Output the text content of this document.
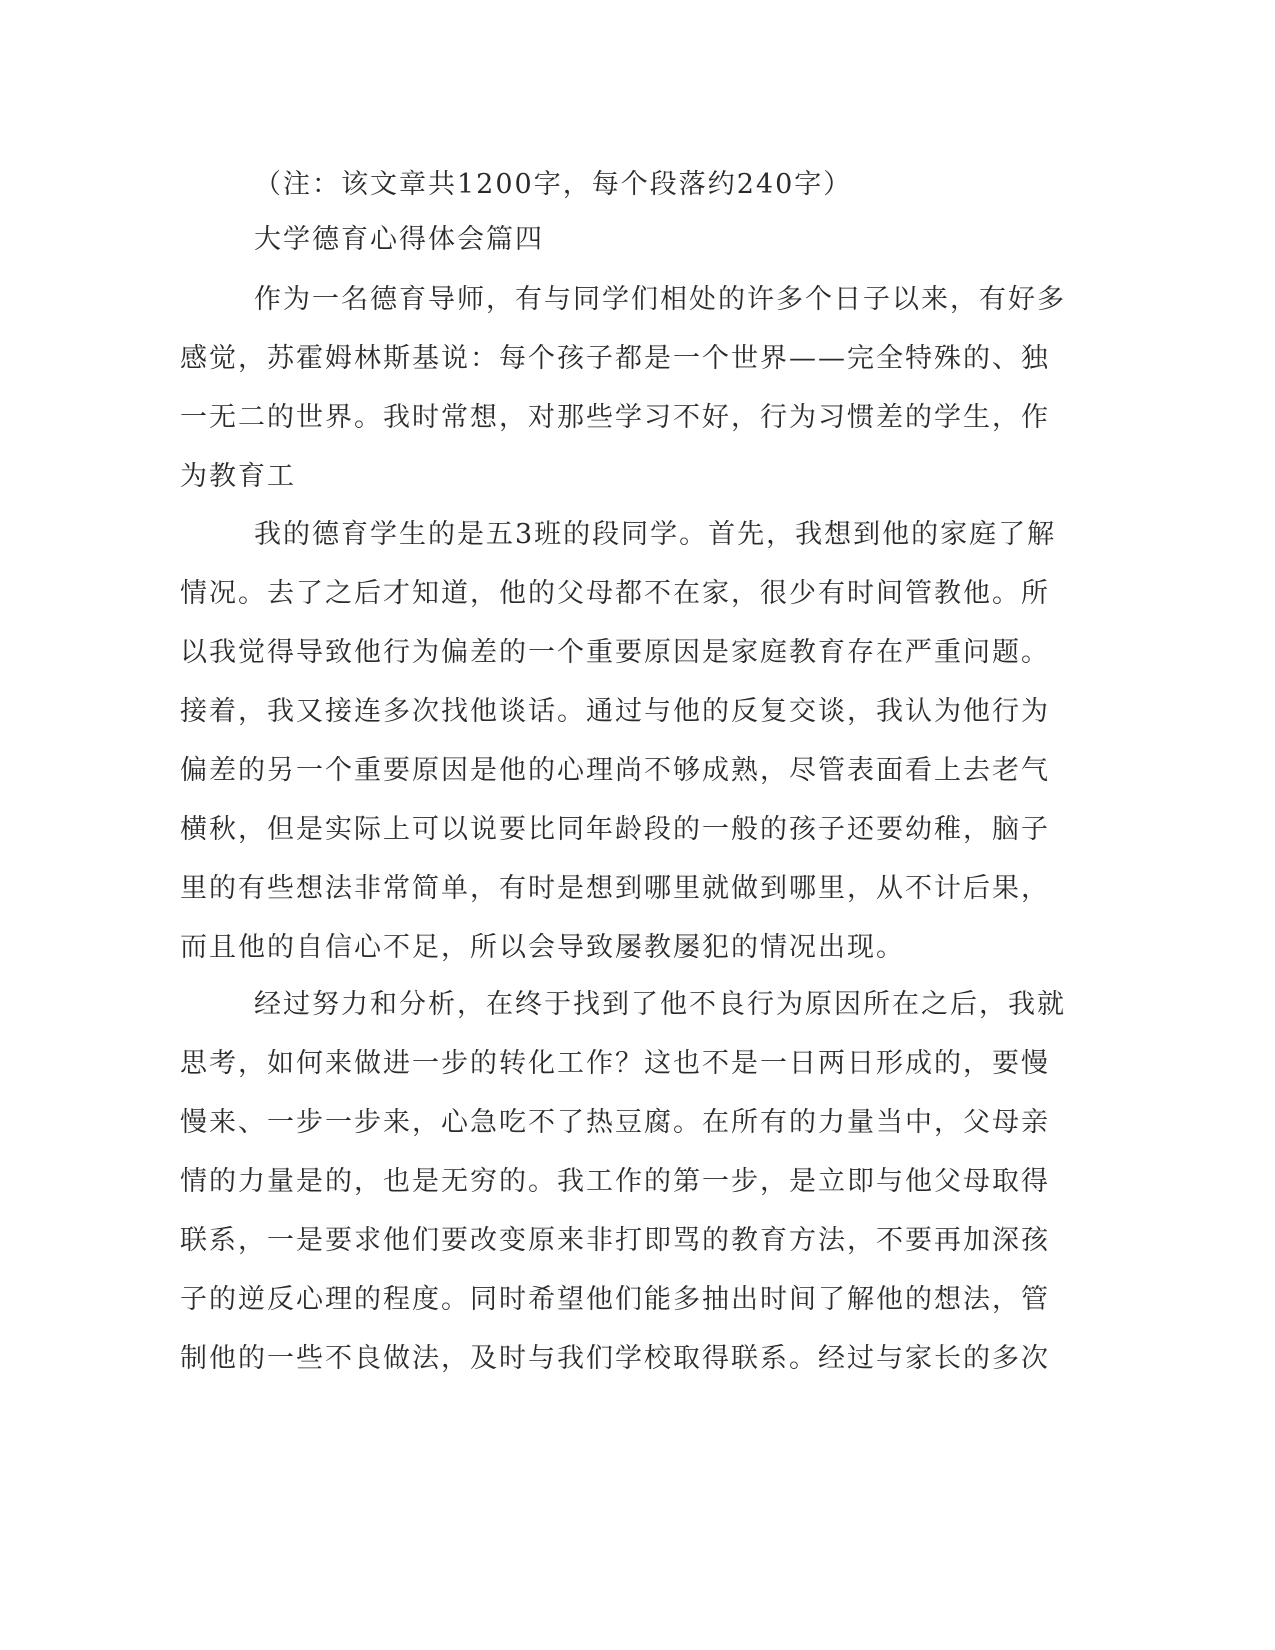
（注：该文章共1200字，每个段落约240字）
大学德育心得体会篇四
作为一名德育导师，有与同学们相处的许多个日子以来，有好多
感觉，苏霍姆林斯基说：每个孩子都是一个世界——完全特殊的、独
一无二的世界。我时常想，对那些学习不好，行为习惯差的学生，作
为教育工
我的德育学生的是五3班的段同学。首先，我想到他的家庭了解
情况。去了之后才知道，他的父母都不在家，很少有时间管教他。所
以我觉得导致他行为偏差的一个重要原因是家庭教育存在严重问题。
接着，我又接连多次找他谈话。通过与他的反复交谈，我认为他行为
偏差的另一个重要原因是他的心理尚不够成熟，尽管表面看上去老气
横秋，但是实际上可以说要比同年龄段的一般的孩子还要幼稚，脑子
里的有些想法非常简单，有时是想到哪里就做到哪里，从不计后果，
而且他的自信心不足，所以会导致屡教屡犯的情况出现。
经过努力和分析，在终于找到了他不良行为原因所在之后，我就
思考，如何来做进一步的转化工作？这也不是一日两日形成的，要慢
慢来、一步一步来，心急吃不了热豆腐。在所有的力量当中，父母亲
情的力量是的，也是无穷的。我工作的第一步，是立即与他父母取得
联系，一是要求他们要改变原来非打即骂的教育方法，不要再加深孩
子的逆反心理的程度。同时希望他们能多抽出时间了解他的想法，管
制他的一些不良做法，及时与我们学校取得联系。经过与家长的多次
